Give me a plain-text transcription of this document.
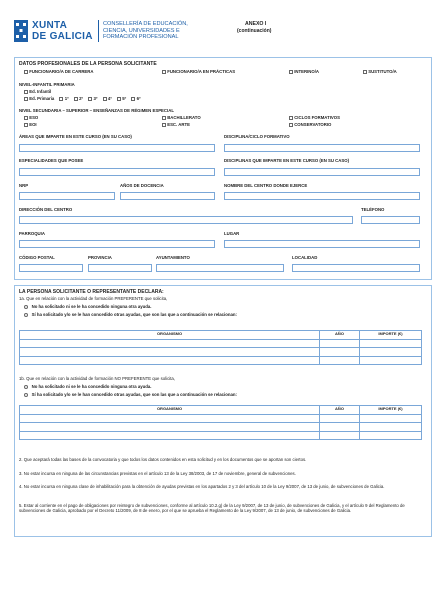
XUNTA
DE GALICIA
CONSELLERÍA DE EDUCACIÓN,
CIENCIA, UNIVERSIDADES E
FORMACIÓN PROFESIONAL
ANEXO I
(continuación)
DATOS PROFESIONALES DE LA PERSONA SOLICITANTE
FUNCIONARIO/A DE CARRERA	FUNCIONARIO/A EN PRÁCTICAS	INTERINO/A	SUSTITUTO/A
NIVEL-INFANTIL PRIMARIA
Ed. Infantil
Ed. Primaria 1º 2º 3º 4º 5º 6º
NIVEL SECUNDARIA – SUPERIOR – ENSEÑANZAS DE RÉGIMEN ESPECIAL
ESO	BACHILLERATO	CICLOS FORMATIVOS
EOI	ESC. ARTE	CONSERVATORIO
ÁREAS QUE IMPARTE EN ESTE CURSO (EN SU CASO)	DISCIPLINA/CICLO FORMATIVO
ESPECIALIDADES QUE POSEE	DISCIPLINAS QUE IMPARTE EN ESTE CURSO (EN SU CASO)
NRP	AÑOS DE DOCENCIA	NOMBRE DEL CENTRO DONDE EJERCE
DIRECCIÓN DEL CENTRO	TELÉFONO
PARROQUIA	LUGAR
CÓDIGO POSTAL	PROVINCIA	AYUNTAMIENTO	LOCALIDAD
LA PERSONA SOLICITANTE O REPRESENTANTE DECLARA:
1a. Que en relación con la actividad de formación PREFERENTE que solicita,
No ha solicitado ni se le ha concedido ninguna otra ayuda.
Sí ha solicitado y/o se le han concedido otras ayudas, que son las que a continuación se relacionan:
ORGANISMO	AÑO	IMPORTE (€)

1b. Que en relación con la actividad de formación NO PREFERENTE que solicita,
No ha solicitado ni se le ha concedido ninguna otra ayuda.
Sí ha solicitado y/o se le han concedido otras ayudas, que son las que a continuación se relacionan:
ORGANISMO	AÑO	IMPORTE (€)

2. Que aceptará todas las bases de la convocatoria y que todos los datos contenidos en esta solicitud y en los documentos que se aportan son ciertos.
3. No estar incursa en ninguna de las circunstancias previstas en el artículo 13 de la Ley 38/2003, de 17 de noviembre, general de subvenciones.
4. No estar incursa en ninguna clase de inhabilitación para la obtención de ayudas previstas en los apartados 2 y 3 del artículo 10 de la Ley 9/2007, de 13 de junio, de subvenciones de Galicia.
5. Estar al corriente en el pago de obligaciones por reintegro de subvenciones, conforme al artículo 10.2.g) de la Ley 9/2007, de 13 de junio, de subvenciones de Galicia, y el artículo 9 del Reglamento de subvenciones de Galicia, aprobado por el Decreto 11/2009, de 8 de enero, por el que se aprueba el Reglamento de la Ley 9/2007, de 13 de junio, de subvenciones de Galicia.
